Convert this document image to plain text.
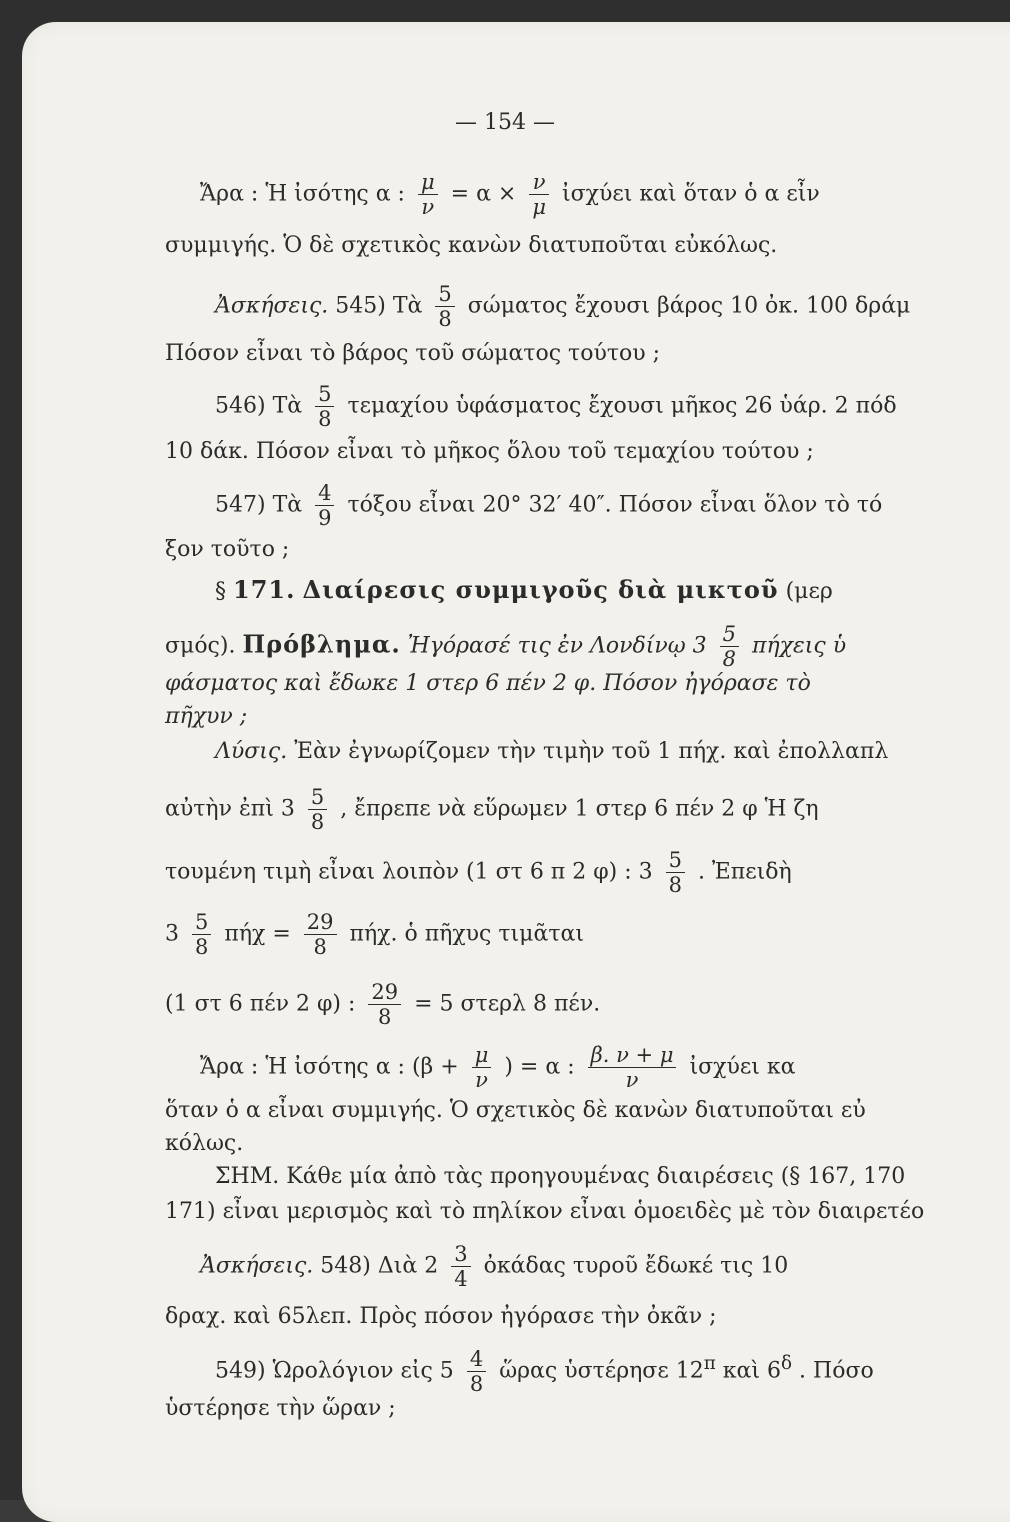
— 154 —
Ἄρα : Ἡ ἰσότης α : $\frac{\mu}{\nu} = \alpha \times \frac{\nu}{\mu}$ ἰσχύει καὶ ὅταν ὁ α εἶν
συμμιγής. Ὁ δὲ σχετικὸς κανὼν διατυποῦται εὐκόλως.
Ἀσκήσεις. 545) Τὰ $\frac{5}{8}$ σώματος ἔχουσι βάρος 10 ὀκ. 100 δράμ
Πόσον εἶναι τὸ βάρος τοῦ σώματος τούτου ;
546) Τὰ $\frac{5}{8}$ τεμαχίου ὑφάσματος ἔχουσι μῆκος 26 ὑάρ. 2 πόδ
10 δάκ. Πόσον εἶναι τὸ μῆκος ὅλου τοῦ τεμαχίου τούτου ;
547) Τὰ $\frac{4}{9}$ τόξου εἶναι 20° 32′ 40″. Πόσον εἶναι ὅλον τὸ τό
ξον τοῦτο ;
§ 171. Διαίρεσις συμμιγοῦς διὰ μικτοῦ (μερ
σμός). Πρόβλημα. Ἠγόρασέ τις ἐν Λονδίνῳ $3 \frac{5}{8}$ πήχεις ὑ
φάσματος καὶ ἔδωκε 1 στερ 6 πέν 2 φ. Πόσον ἠγόρασε τὸ
πῆχυν ;
Λύσις. Ἐὰν ἐγνωρίζομεν τὴν τιμὴν τοῦ 1 πήχ. καὶ ἐπολλαπλ
αὐτὴν ἐπὶ $3 \frac{5}{8}$ , ἔπρεπε νὰ εὕρωμεν 1 στερ 6 πέν 2 φ Ἡ ζη
τουμένη τιμὴ εἶναι λοιπὸν (1 στ 6 π 2 φ) : $3 \frac{5}{8}$ . Ἐπειδὴ
$3 \frac{5}{8}$ $\pi ή\chi = \frac{29}{8} \pi ή\chi$. ὁ πῆχυς τιμᾶται
(1 στ 6 πέν 2 φ) : $\frac{29}{8} = 5$ στερλ 8 πέν.
Ἄρα : Ἡ ἰσότης α : ($\beta + \frac{\mu}{\nu}$ ) = α : $\frac{\beta. \nu + \mu}{\nu}$ ἰσχύει κα
ὅταν ὁ α εἶναι συμμιγής. Ὁ σχετικὸς δὲ κανὼν διατυποῦται εὐ
κόλως.
ΣΗΜ. Κάθε μία ἀπὸ τὰς προηγουμένας διαιρέσεις (§ 167, 170
171) εἶναι μερισμὸς καὶ τὸ πηλίκον εἶναι ὁμοειδὲς μὲ τὸν διαιρετέο
Ἀσκήσεις. 548) Διὰ $2 \frac{3}{4}$ ὀκάδας τυροῦ ἔδωκέ τις 10
δραχ. καὶ 65λεπ. Πρὸς πόσον ἠγόρασε τὴν ὀκᾶν ;
549) Ὡρολόγιον εἰς $5 \frac{4}{8}$ ὥρας ὑστέρησε $12^\pi$ καὶ $6^\delta$ . Πόσο
ὑστέρησε τὴν ὥραν ;
